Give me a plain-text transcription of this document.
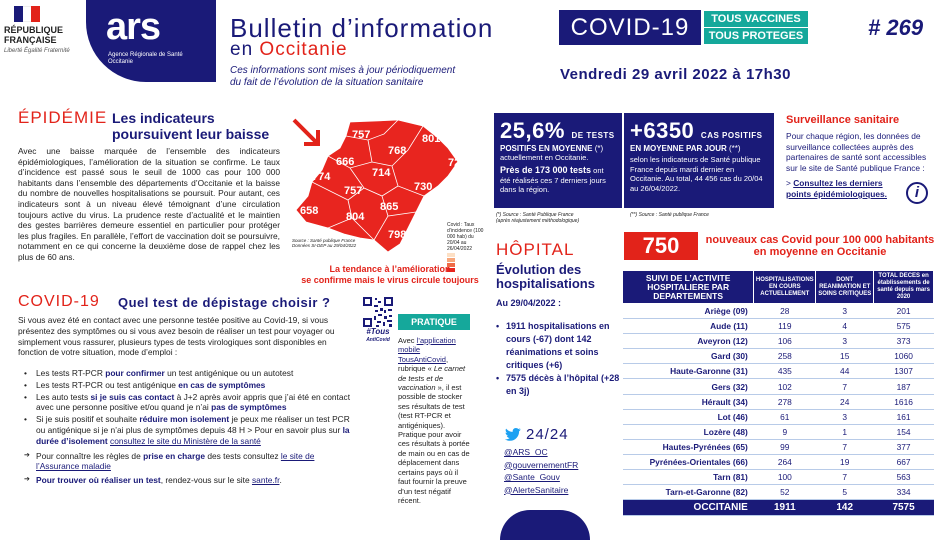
RÉPUBLIQUE FRANÇAISE
Liberté Égalité Fraternité
ars
Agence Régionale de Santé Occitanie
Bulletin d’information
en Occitanie
COVID-19	TOUS VACCINES
TOUS PROTEGES	# 269
Ces informations sont mises à jour périodiquement
du fait de l’évolution de la situation sanitaire	Vendredi 29 avril 2022 à 17h30
ÉPIDÉMIE Les indicateurs
poursuivent leur baisse
Avec une baisse marquée de l’ensemble des indicateurs épidémiologiques, l’amélioration de la situation se confirme. Le taux d’incidence est passé sous le seuil de 1000 cas pour 100 000 habitants dans l’ensemble des départements d’Occitanie et la baisse du nombre de nouvelles hospitalisations se poursuit. Pour autant, ces indicateurs sont à un niveau élevé témoignant d’une circulation toujours active du virus. La prudence reste d’actualité et le maintien des gestes barrières demeure essentiel en particulier pour protéger les plus fragiles. En parallèle, l’effort de vaccination doit se poursuivre, notamment en ce qui concerne la deuxième dose de rappel chez les plus de 60 ans.
757	801
768
666	727
714
774
730
757
865
658	804
798
Covid : Taux d’incidence (100 000 hab) du 20/04 au 26/04/2022
Source : Santé publique France
Données SI-DEP au 29/04/2022
La tendance à l’amélioration
se confirme mais le virus circule toujours
COVID-19 Quel test de dépistage choisir ?
Si vous avez été en contact avec une personne testée positive au Covid-19, si vous présentez des symptômes ou si vous avez besoin de réaliser un test pour voyager ou simplement vous rassurer, plusieurs types de tests virologiques sont disponibles en fonction de votre situation, mode d’emploi :
• Les tests RT-PCR pour confirmer un test antigénique ou un autotest
• Les tests RT-PCR ou test antigénique en cas de symptômes
• Les auto tests si je suis cas contact à J+2 après avoir appris que j’ai été en contact avec une personne positive et/ou quand je n’ai pas de symptômes
• Si je suis positif et souhaite réduire mon isolement je peux me réaliser un test PCR ou antigénique si je n’ai plus de symptômes depuis 48 H > Pour en savoir plus sur la durée d’isolement consultez le site du Ministère de la santé
➔ Pour connaître les règles de prise en charge des tests consultez le site de l’Assurance maladie
➔ Pour trouver où réaliser un test, rendez-vous sur le site sante.fr.
#Tous
AntiCovid
PRATIQUE
Avec l’application mobile TousAntiCovid, rubrique « Le carnet de tests et de vaccination », il est possible de stocker ses résultats de test (test RT-PCR et antigéniques). Pratique pour avoir ces résultats à portée de main ou en cas de déplacement dans certains pays où il faut fournir la preuve d’un test négatif récent.
25,6% DE TESTS
POSITIFS EN MOYENNE (*)
actuellement en Occitanie.
Près de 173 000 tests ont été réalisés ces 7 derniers jours dans la région.
+6350 CAS POSITIFS
EN MOYENNE PAR JOUR (**)
selon les indicateurs de Santé publique France depuis mardi dernier en Occitanie. Au total, 44 456 cas du 20/04 au 26/04/2022.
(*) Source : Santé Publique France
(après réajustement méthodologique)
(**) Source : Santé publique France
Surveillance sanitaire
Pour chaque région, les données de surveillance collectées auprès des partenaires de santé sont accessibles sur le site de Santé publique France :
> Consultez les derniers points épidémiologiques.	i
HÔPITAL
Évolution des hospitalisations
Au 29/04/2022 :
• 1911 hospitalisations en cours (-67) dont 142 réanimations et soins critiques (+6)
• 7575 décès à l’hôpital (+28 en 3j)
24/24
@ARS_OC
@gouvernementFR
@Sante_Gouv
@AlerteSanitaire
750	nouveaux cas Covid pour 100 000 habitants en moyenne en Occitanie
SUIVI DE L’ACTIVITE HOSPITALIERE PAR DEPARTEMENTS	HOSPITALISATIONS EN COURS ACTUELLEMENT	DONT REANIMATION ET SOINS CRITIQUES	TOTAL DECES en établissements de santé depuis mars 2020
Ariège (09)	28	3	201
Aude (11)	119	4	575
Aveyron (12)	106	3	373
Gard (30)	258	15	1060
Haute-Garonne (31)	435	44	1307
Gers (32)	102	7	187
Hérault (34)	278	24	1616
Lot (46)	61	3	161
Lozère (48)	9	1	154
Hautes-Pyrénées (65)	99	7	377
Pyrénées-Orientales (66)	264	19	667
Tarn (81)	100	7	563
Tarn-et-Garonne (82)	52	5	334
OCCITANIE	1911	142	7575
